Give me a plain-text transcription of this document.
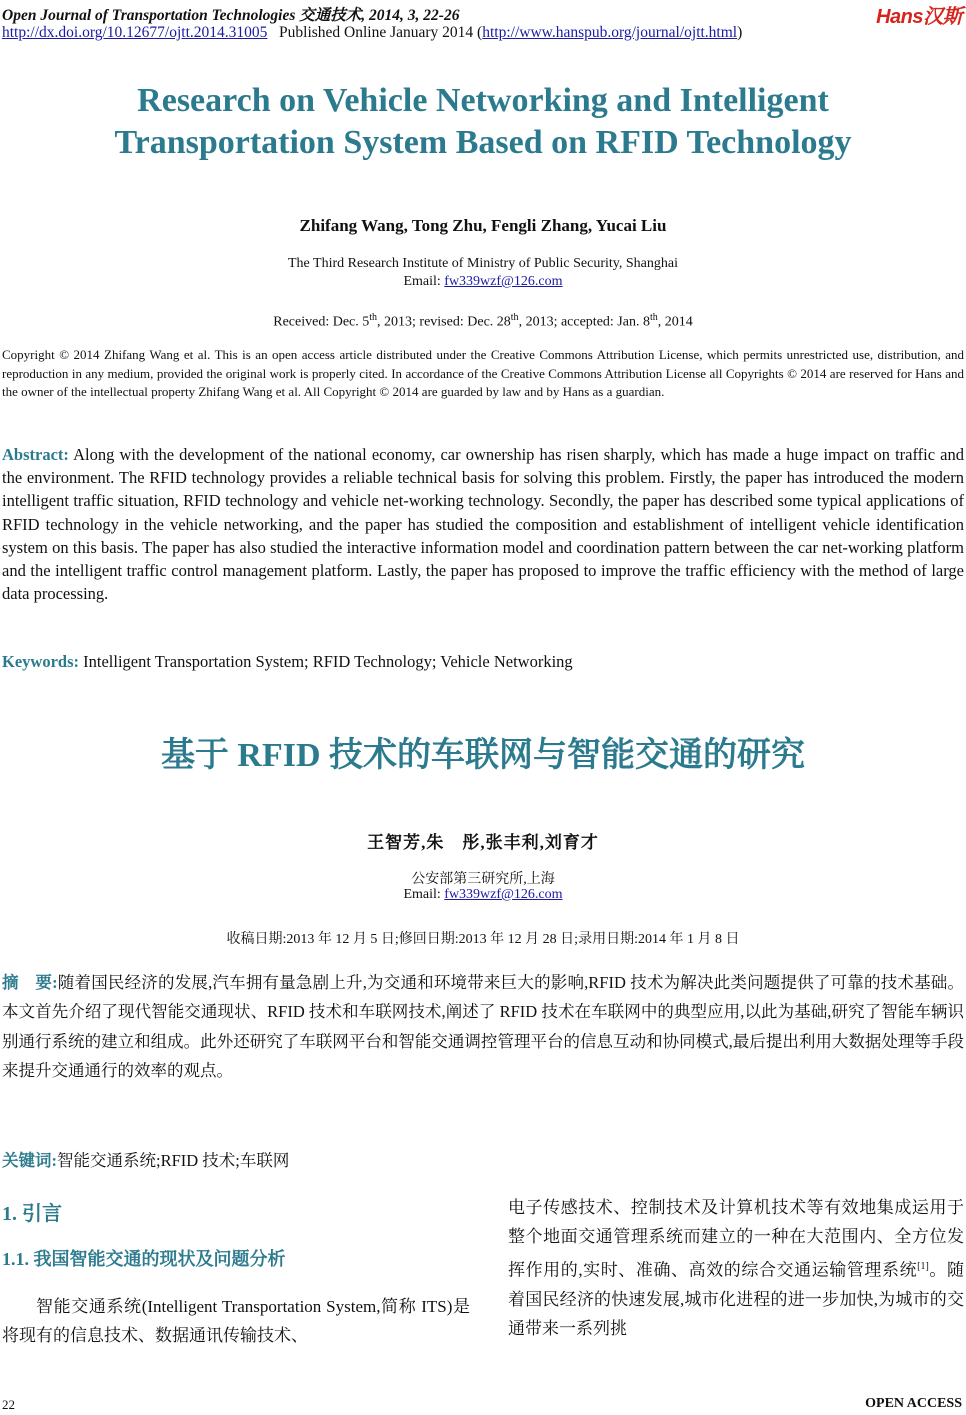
Open Journal of Transportation Technologies 交通技术, 2014, 3, 22-26	Hans汉斯
http://dx.doi.org/10.12677/ojtt.2014.31005 Published Online January 2014 (http://www.hanspub.org/journal/ojtt.html)
Research on Vehicle Networking and Intelligent
Transportation System Based on RFID Technology
Zhifang Wang, Tong Zhu, Fengli Zhang, Yucai Liu
The Third Research Institute of Ministry of Public Security, Shanghai
Email: fw339wzf@126.com
Received: Dec. 5th, 2013; revised: Dec. 28th, 2013; accepted: Jan. 8th, 2014
Copyright © 2014 Zhifang Wang et al. This is an open access article distributed under the Creative Commons Attribution License, which permits unrestricted use, distribution, and reproduction in any medium, provided the original work is properly cited. In accordance of the Creative Commons Attribution License all Copyrights © 2014 are reserved for Hans and the owner of the intellectual property Zhifang Wang et al. All Copyright © 2014 are guarded by law and by Hans as a guardian.
Abstract: Along with the development of the national economy, car ownership has risen sharply, which has made a huge impact on traffic and the environment. The RFID technology provides a reliable technical basis for solving this problem. Firstly, the paper has introduced the modern intelligent traffic situation, RFID technology and vehicle net-working technology. Secondly, the paper has described some typical applications of RFID technology in the vehicle networking, and the paper has studied the composition and establishment of intelligent vehicle identification system on this basis. The paper has also studied the interactive information model and coordination pattern between the car net-working platform and the intelligent traffic control management platform. Lastly, the paper has proposed to improve the traffic efficiency with the method of large data processing.
Keywords: Intelligent Transportation System; RFID Technology; Vehicle Networking
基于 RFID 技术的车联网与智能交通的研究
王智芳,朱　彤,张丰利,刘育才
公安部第三研究所,上海
Email: fw339wzf@126.com
收稿日期:2013 年 12 月 5 日;修回日期:2013 年 12 月 28 日;录用日期:2014 年 1 月 8 日
摘　要:随着国民经济的发展,汽车拥有量急剧上升,为交通和环境带来巨大的影响,RFID 技术为解决此类问题提供了可靠的技术基础。本文首先介绍了现代智能交通现状、RFID 技术和车联网技术,阐述了 RFID 技术在车联网中的典型应用,以此为基础,研究了智能车辆识别通行系统的建立和组成。此外还研究了车联网平台和智能交通调控管理平台的信息互动和协同模式,最后提出利用大数据处理等手段来提升交通通行的效率的观点。
关键词:智能交通系统;RFID 技术;车联网
1. 引言
1.1. 我国智能交通的现状及问题分析
智能交通系统(Intelligent Transportation System,简称 ITS)是将现有的信息技术、数据通讯传输技术、
电子传感技术、控制技术及计算机技术等有效地集成运用于整个地面交通管理系统而建立的一种在大范围内、全方位发挥作用的,实时、准确、高效的综合交通运输管理系统[1]。随着国民经济的快速发展,城市化进程的进一步加快,为城市的交通带来一系列挑
22	OPEN ACCESS
